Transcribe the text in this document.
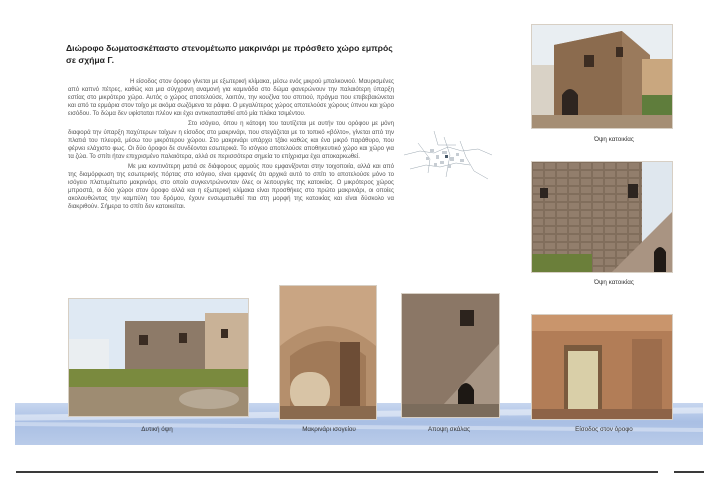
Διώροφο δωματοσκέπαστο στενομέτωπο μακρινάρι με πρόσθετο χώρο εμπρός σε σχήμα Γ.

Η είσοδος στον όροφο γίνεται με εξωτερική κλίμακα, μέσω ενός μικρού μπαλκονιού. Μαυρισμένες από καπνό πέτρες, καθώς και μια σύγχρονη αναμονή για καμινάδα στο δώμα φανερώνουν την παλαιότερη ύπαρξη εστίας στο μικρότερο χώρο. Αυτός ο χώρος αποτελούσε, λοιπόν, την κουζίνα του σπιτιού, πράγμα που επιβεβαιώνεται και από τα ερμάρια στον τοίχο με ακόμα σωζόμενα τα ράφια. Ο μεγαλύτερος χώρος αποτελούσε χώρους ύπνου και χώρο εισόδου. Το δώμα δεν υφίσταται πλέον και έχει αντικατασταθεί από μία πλάκα τσιμέντου.

Στο ισόγειο, όπου η κάτοψη του ταυτίζεται με αυτήν του ορόφου με μόνη διαφορά την ύπαρξη παχύτερων τοίχων η είσοδος στο μακρινάρι, που στεγάζεται με το τοπικό «βόλτο», γίνεται από την πλατιά του πλευρά, μέσω του μικρότερου χώρου. Στο μακρινάρι υπάρχει τζάκι καθώς και ένα μικρό παράθυρο, που φέρνει ελάχιστο φως. Οι δύο όροφοι δε συνδέονται εσωτερικά. Το ισόγειο αποτελούσε αποθηκευτικό χώρο και χώρο για τα ζώα. Το σπίτι ήταν επιχρισμένο παλαιότερα, αλλά σε περισσότερα σημεία το επίχρισμα έχει αποκαρκωθεί.

Με μια κοντινότερη ματιά σε διάφορους αρμούς που εμφανίζονται στην τοιχοποιία, αλλά και από της διαμόρφωση της εσωτερικής πόρτας στο ισόγειο, είναι εμφανές ότι αρχικά αυτό το σπίτι το αποτελούσε μόνο το ισόγειο πλατυμέτωπο μακρινάρι, στο οποίο συγκεντρώνονταν όλες οι λειτουργίες της κατοικίας. Ο μικρότερος χώρος μπροστά, οι δύο χώροι στον όροφο αλλά και η εξωτερική κλίμακα είναι προσθήκες στο πρώτο μακρινάρι, οι οποίες ακολουθώντας την καμπύλη του δρόμου, έχουν ενσωματωθεί πια στη μορφή της κατοικίας και είναι δύσκολο να διακριθούν. Σήμερα το σπίτι δεν κατοικείται.

Όψη κατοικίας
Όψη κατοικίας
Δυτική όψη	Μακρινάρι ισογείου	Αποψη σκάλας	Είσοδος στον όροφο
